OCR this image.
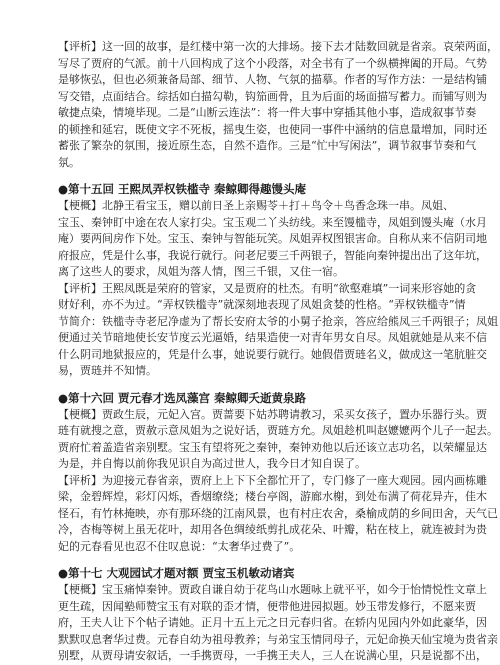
【评析】这一回的故事，是红楼中第一次的大排场。接下去才陆数回就是省亲。哀荣两面，
写尽了贾府的气派。前十八回构成了这个小段落，对全书有了一个纵横捭阖的开局。气势
是够恢弘，但也必须兼备局部、细节、人物、气氛的描摹。作者的写作方法：一是结构铺
写交错，点面结合。综括如白描勾勒，钩笳画骨，且为后面的场面描写蓄力。而铺写则为
敏捷点染，情境毕现。二是“山断云连法”：将一件大事中穿插其他小事，造成叙事节奏
的顿挫和延宕，既使文字不死板，摇曳生姿，也使同一事件中涵纳的信息量增加，同时还
蓄张了繁杂的氛围，接近原生态，自然不造作。三是“忙中写闲法”，调节叙事节奏和气
氛。

●第十五回 王熙凤弄权铁槛寺 秦鲸卿得趣馒头庵

【梗概】北静王看宝玉，赠以前日圣上亲赐苓＋打＋鸟令＋鸟香念珠一串。凤姐、
宝玉、秦钟盯中途在农人家打尖。宝玉观二丫头纺线。来至馒槛寺，凤姐到馒头庵（水月
庵）要两间房作下处。宝玉、秦钟与智能玩笑。凤姐弄权图银害命。自称从来不信阴司地
府报应，凭是什么事，我说行就行。问老尼要三千两银子，智能向秦钟提出出了这年坑，
离了这些人的要求，凤姐为落人情，图三千银，又住一宿。

【评析】王熙凤既是荣府的管家，又是贾府的杜杰。有明“欲壑难填”一词来形容她的贪
财好利，亦不为过。“弄权铁槛寺”就深刻地表现了凤姐贪婪的性格。“弄权铁槛寺”情
节简介：铁槛寺寺老尼净虚为了帮长安府太爷的小舅子抢亲，答应给熊凤三千两银子；凤姐
便通过关节暗地使长安节度云光逼婚，结果造使一对青年男女自尽。凤姐就她是从来不信
什么阴司地狱报应的，凭是什么事，她说要行就行。她假借贾琏名义，做成这一笔肮脏交
易，贾琏并不知情。

●第十六回 贾元春才选凤藻宫 秦鲸卿夭逝黄泉路

【梗概】贾政生辰，元妃入宫。贾蔷要下姑苏聘请教习，采买女孩子，置办乐器行头。贾
琏有就搜之意，贾赦示意凤姐为之说好话，贾琏方允。凤姐趁机叫赵嬷嬷两个儿子一起去。
贾府忙着盖造省亲别墅。宝玉有望将死之秦钟，秦钟劝他以后还该立志功名，以荣耀显达
为是，并自悔以前你我见识自为高过世人，我今日才知自误了。

【评析】为迎接元春省亲，贾府上上下下全都忙开了，专门修了一座大观园。园内画栋雕
梁，金碧辉煌，彩灯闪烁，香烟缭绕；楼台亭阁，游廊水榭，到处布满了荷花异卉，佳木
怪石，有竹林掩映，亦有那环绕的江南风景，也有村庄农舍，桑榆成荫的乡间田舍，天气已
冷，杏梅等树上虽无花叶，却用各色绸绫纸剪扎成花朵、叶瓣，粘在枝上，就连被封为贵
妃的元春看见也忍不住叹息说：“太奢华过费了”。

●第十七 大观园试才题对额 贾宝玉机敏动诸宾

【梗概】宝玉痛悼秦钟。贾政自谦自幼于花鸟山水题咏上就平平，如今于怡情悦性文章上
更生疏，因闻塾师赞宝玉有对联的歪才情，便带他进园拟题。妙玉带发修行，不愿来贾
府，王夫人让下个帖子请她。正月十五上元之日元春归省。在轿内见园内外如此豪华，因
默默叹息奢华过费。元春自幼为祖母教养；与弟宝玉情同母子，元妃命换天仙宝境为贵省亲
别墅，从贾母请安叙话，一手携贾母，一手携王夫人，三人在说满心里，只是说都不出，
